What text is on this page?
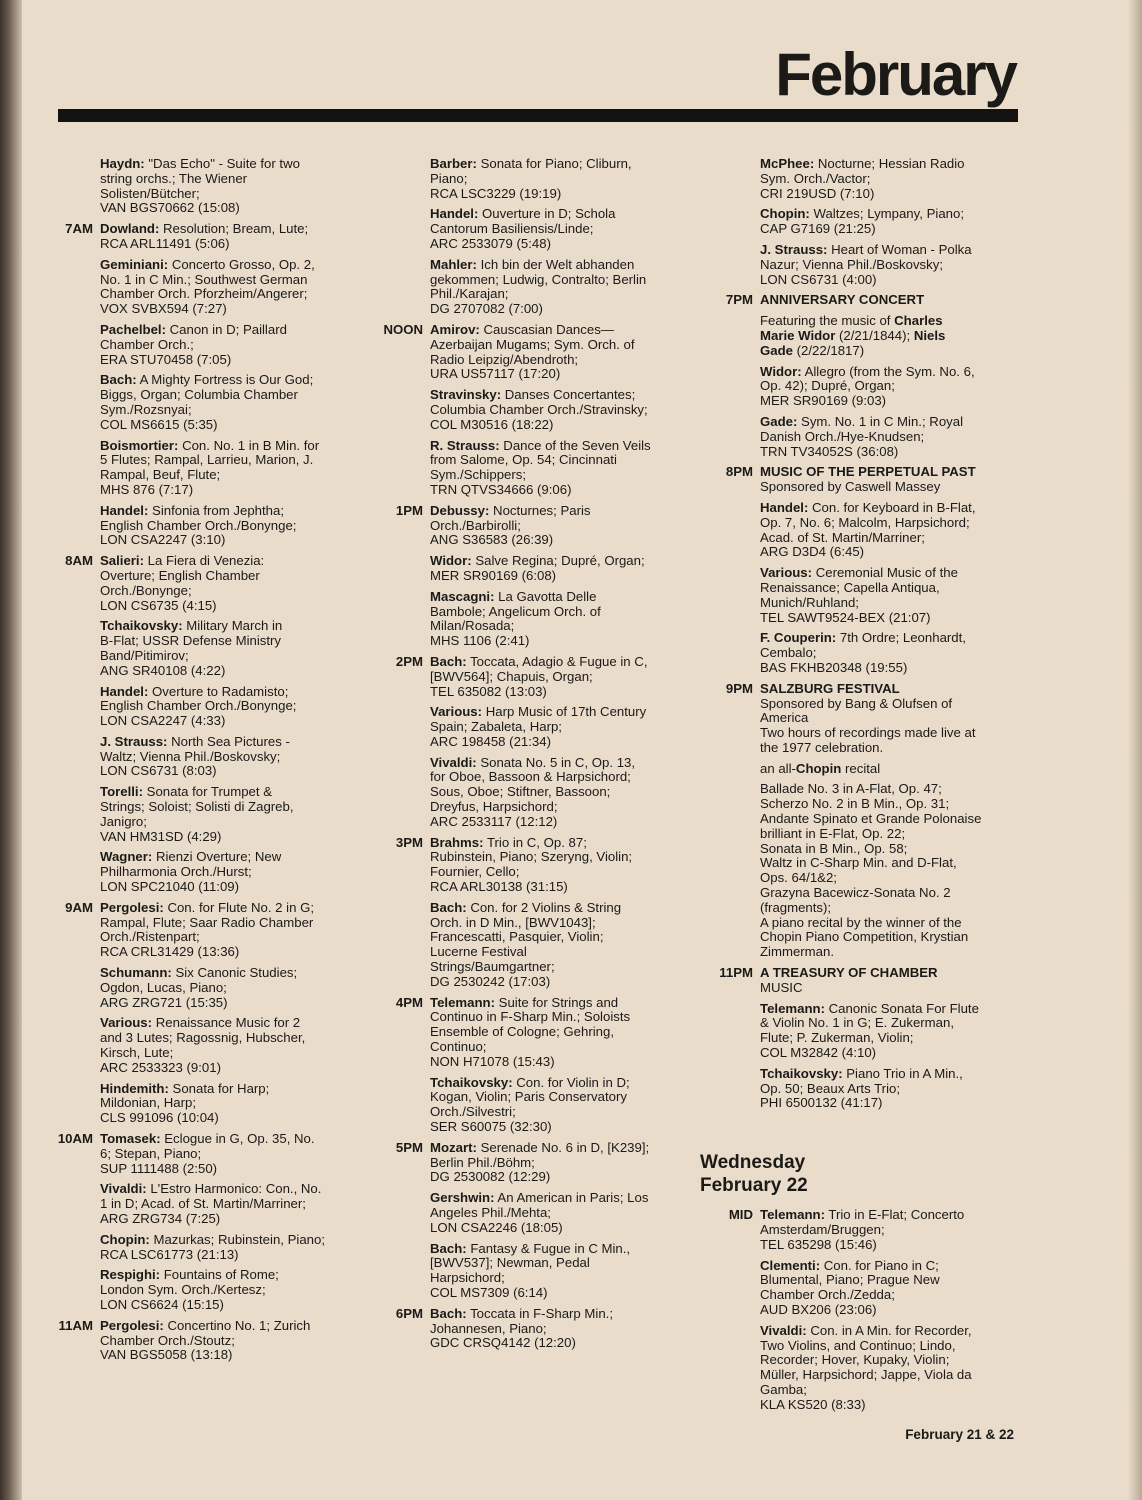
February

Haydn: "Das Echo" - Suite for two

string orchs.; The Wiener

Solisten/Bütcher;

VAN BGS70662 (15:08)

7AM Dowland: Resolution; Bream, Lute;

RCA ARL11491 (5:06)

Geminiani: Concerto Grosso, Op. 2,

No. 1 in C Min.; Southwest German

Chamber Orch. Pforzheim/Angerer;

VOX SVBX594 (7:27)

Pachelbel: Canon in D; Paillard

Chamber Orch.;

ERA STU70458 (7:05)

Bach: A Mighty Fortress is Our God;

Biggs, Organ; Columbia Chamber

Sym./Rozsnyai;

COL MS6615 (5:35)

Boismortier: Con. No. 1 in B Min. for

5 Flutes; Rampal, Larrieu, Marion, J.

Rampal, Beuf, Flute;

MHS 876 (7:17)

Handel: Sinfonia from Jephtha;

English Chamber Orch./Bonynge;

LON CSA2247 (3:10)

8AM Salieri: La Fiera di Venezia:

Overture; English Chamber

Orch./Bonynge;

LON CS6735 (4:15)

Tchaikovsky: Military March in

B-Flat; USSR Defense Ministry

Band/Pitimirov;

ANG SR40108 (4:22)

Handel: Overture to Radamisto;

English Chamber Orch./Bonynge;

LON CSA2247 (4:33)

J. Strauss: North Sea Pictures -

Waltz; Vienna Phil./Boskovsky;

LON CS6731 (8:03)

Torelli: Sonata for Trumpet &

Strings; Soloist; Solisti di Zagreb,

Janigro;

VAN HM31SD (4:29)

Wagner: Rienzi Overture; New

Philharmonia Orch./Hurst;

LON SPC21040 (11:09)

9AM Pergolesi: Con. for Flute No. 2 in G;

Rampal, Flute; Saar Radio Chamber

Orch./Ristenpart;

RCA CRL31429 (13:36)

Schumann: Six Canonic Studies;

Ogdon, Lucas, Piano;

ARG ZRG721 (15:35)

Various: Renaissance Music for 2

and 3 Lutes; Ragossnig, Hubscher,

Kirsch, Lute;

ARC 2533323 (9:01)

Hindemith: Sonata for Harp;

Mildonian, Harp;

CLS 991096 (10:04)

10AM Tomasek: Eclogue in G, Op. 35, No.

6; Stepan, Piano;

SUP 1111488 (2:50)

Vivaldi: L'Estro Harmonico: Con., No.

1 in D; Acad. of St. Martin/Marriner;

ARG ZRG734 (7:25)

Chopin: Mazurkas; Rubinstein, Piano;

RCA LSC61773 (21:13)

Respighi: Fountains of Rome;

London Sym. Orch./Kertesz;

LON CS6624 (15:15)

11AM Pergolesi: Concertino No. 1; Zurich

Chamber Orch./Stoutz;

VAN BGS5058 (13:18)

Barber: Sonata for Piano; Cliburn,

Piano;

RCA LSC3229 (19:19)

Handel: Ouverture in D; Schola

Cantorum Basiliensis/Linde;

ARC 2533079 (5:48)

Mahler: Ich bin der Welt abhanden

gekommen; Ludwig, Contralto; Berlin

Phil./Karajan;

DG 2707082 (7:00)

NOON Amirov: Causcasian Dances—

Azerbaijan Mugams; Sym. Orch. of

Radio Leipzig/Abendroth;

URA US57117 (17:20)

Stravinsky: Danses Concertantes;

Columbia Chamber Orch./Stravinsky;

COL M30516 (18:22)

R. Strauss: Dance of the Seven Veils

from Salome, Op. 54; Cincinnati

Sym./Schippers;

TRN QTVS34666 (9:06)

1PM Debussy: Nocturnes; Paris

Orch./Barbirolli;

ANG S36583 (26:39)

Widor: Salve Regina; Dupré, Organ;

MER SR90169 (6:08)

Mascagni: La Gavotta Delle

Bambole; Angelicum Orch. of

Milan/Rosada;

MHS 1106 (2:41)

2PM Bach: Toccata, Adagio & Fugue in C,

[BWV564]; Chapuis, Organ;

TEL 635082 (13:03)

Various: Harp Music of 17th Century

Spain; Zabaleta, Harp;

ARC 198458 (21:34)

Vivaldi: Sonata No. 5 in C, Op. 13,

for Oboe, Bassoon & Harpsichord;

Sous, Oboe; Stiftner, Bassoon;

Dreyfus, Harpsichord;

ARC 2533117 (12:12)

3PM Brahms: Trio in C, Op. 87;

Rubinstein, Piano; Szeryng, Violin;

Fournier, Cello;

RCA ARL30138 (31:15)

Bach: Con. for 2 Violins & String

Orch. in D Min., [BWV1043];

Francescatti, Pasquier, Violin;

Lucerne Festival

Strings/Baumgartner;

DG 2530242 (17:03)

4PM Telemann: Suite for Strings and

Continuo in F-Sharp Min.; Soloists

Ensemble of Cologne; Gehring,

Continuo;

NON H71078 (15:43)

Tchaikovsky: Con. for Violin in D;

Kogan, Violin; Paris Conservatory

Orch./Silvestri;

SER S60075 (32:30)

5PM Mozart: Serenade No. 6 in D, [K239];

Berlin Phil./Böhm;

DG 2530082 (12:29)

Gershwin: An American in Paris; Los

Angeles Phil./Mehta;

LON CSA2246 (18:05)

Bach: Fantasy & Fugue in C Min.,

[BWV537]; Newman, Pedal

Harpsichord;

COL MS7309 (6:14)

6PM Bach: Toccata in F-Sharp Min.;

Johannesen, Piano;

GDC CRSQ4142 (12:20)

McPhee: Nocturne; Hessian Radio

Sym. Orch./Vactor;

CRI 219USD (7:10)

Chopin: Waltzes; Lympany, Piano;

CAP G7169 (21:25)

J. Strauss: Heart of Woman - Polka

Nazur; Vienna Phil./Boskovsky;

LON CS6731 (4:00)

7PM ANNIVERSARY CONCERT

Featuring the music of Charles
Marie Widor (2/21/1844); Niels
Gade (2/22/1817)

Widor: Allegro (from the Sym. No. 6,

Op. 42); Dupré, Organ;

MER SR90169 (9:03)

Gade: Sym. No. 1 in C Min.; Royal

Danish Orch./Hye-Knudsen;

TRN TV34052S (36:08)

8PM MUSIC OF THE PERPETUAL PAST

Sponsored by Caswell Massey

Handel: Con. for Keyboard in B-Flat,

Op. 7, No. 6; Malcolm, Harpsichord;

Acad. of St. Martin/Marriner;

ARG D3D4 (6:45)

Various: Ceremonial Music of the

Renaissance; Capella Antiqua,

Munich/Ruhland;

TEL SAWT9524-BEX (21:07)

F. Couperin: 7th Ordre; Leonhardt,

Cembalo;

BAS FKHB20348 (19:55)

9PM SALZBURG FESTIVAL

Sponsored by Bang & Olufsen of

America

Two hours of recordings made live at

the 1977 celebration.

an all-Chopin recital

Ballade No. 3 in A-Flat, Op. 47;

Scherzo No. 2 in B Min., Op. 31;

Andante Spinato et Grande Polonaise

brilliant in E-Flat, Op. 22;

Sonata in B Min., Op. 58;

Waltz in C-Sharp Min. and D-Flat,

Ops. 64/1&2;

Grazyna Bacewicz-Sonata No. 2

(fragments);

A piano recital by the winner of the

Chopin Piano Competition, Krystian

Zimmerman.

11PM A TREASURY OF CHAMBER

MUSIC

Telemann: Canonic Sonata For Flute

& Violin No. 1 in G; E. Zukerman,

Flute; P. Zukerman, Violin;

COL M32842 (4:10)

Tchaikovsky: Piano Trio in A Min.,

Op. 50; Beaux Arts Trio;

PHI 6500132 (41:17)

Wednesday
February 22
MID Telemann: Trio in E-Flat; Concerto

Amsterdam/Bruggen;

TEL 635298 (15:46)

Clementi: Con. for Piano in C;

Blumental, Piano; Prague New

Chamber Orch./Zedda;

AUD BX206 (23:06)

Vivaldi: Con. in A Min. for Recorder,

Two Violins, and Continuo; Lindo,

Recorder; Hover, Kupaky, Violin;

Müller, Harpsichord; Jappe, Viola da

Gamba;

KLA KS520 (8:33)

February 21 & 22
